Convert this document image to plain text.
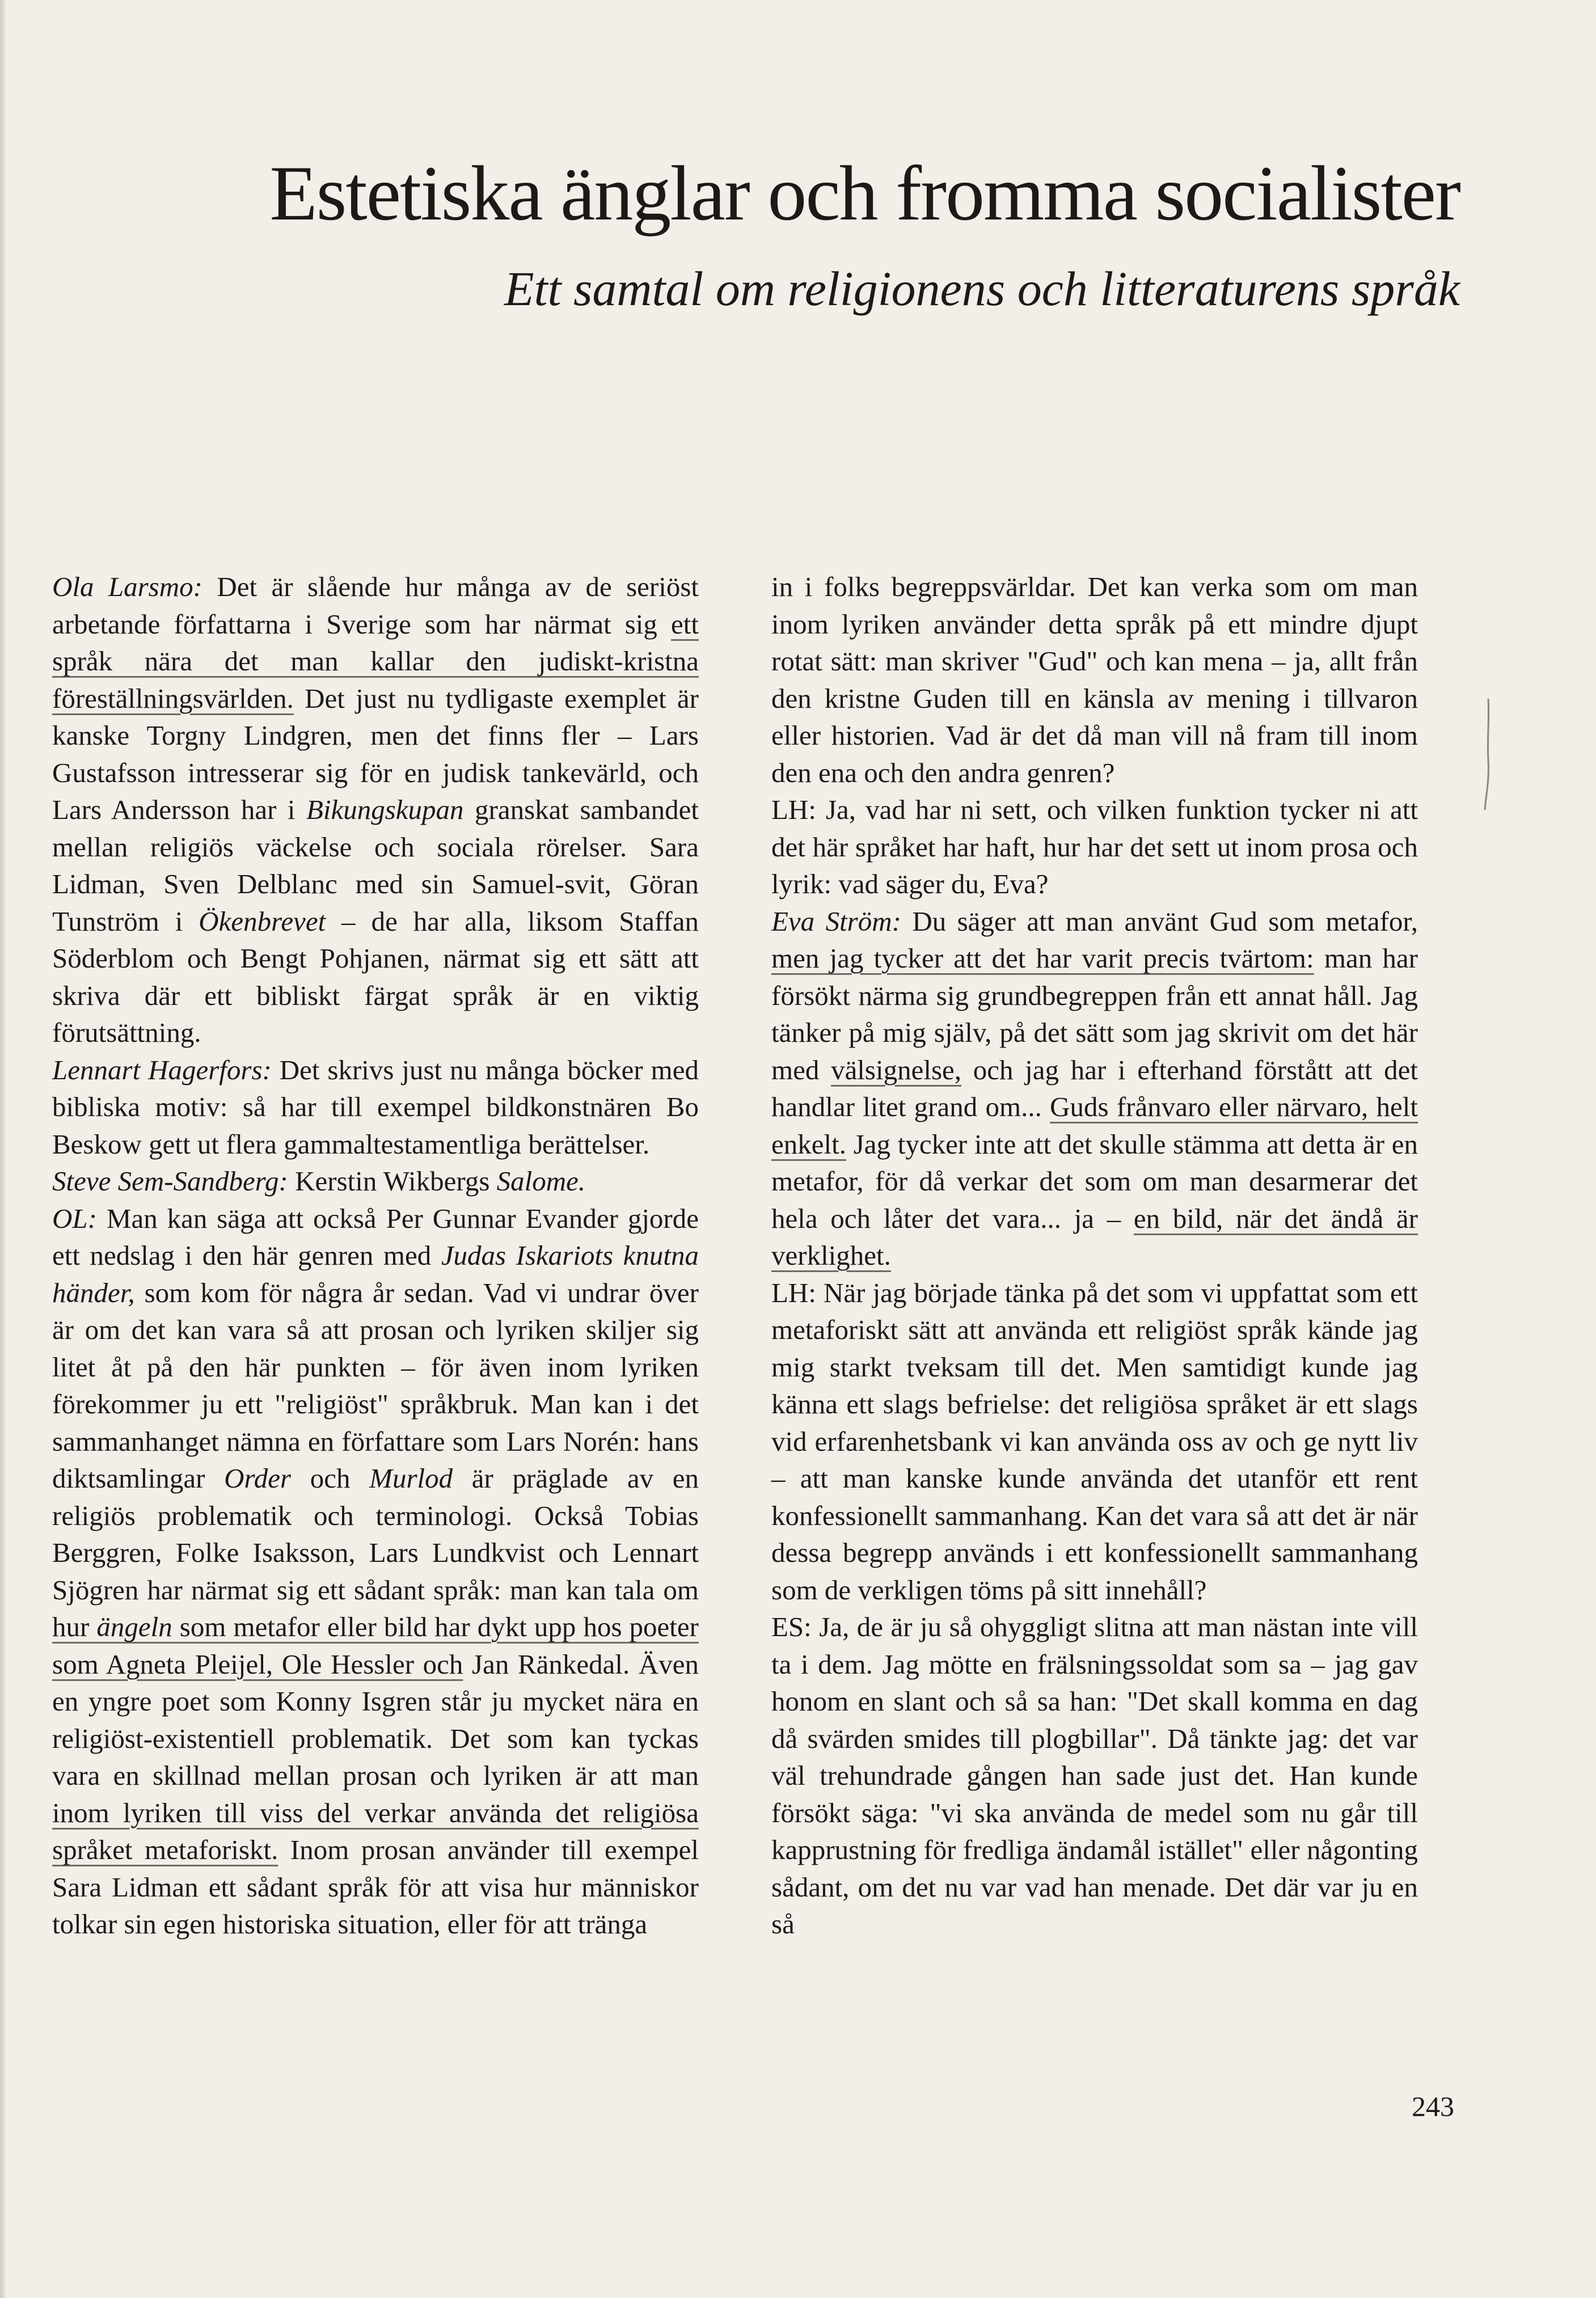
Estetiska änglar och fromma socialister
Ett samtal om religionens och litteraturens språk

Ola Larsmo: Det är slående hur många av de seriöst arbetande författarna i Sverige som har närmat sig ett språk nära det man kallar den judiskt-kristna föreställningsvärlden. Det just nu tydligaste exemplet är kanske Torgny Lindgren, men det finns fler – Lars Gustafsson intresserar sig för en judisk tankevärld, och Lars Andersson har i Bikungskupan granskat sambandet mellan religiös väckelse och sociala rörelser. Sara Lidman, Sven Delblanc med sin Samuel-svit, Göran Tunström i Ökenbrevet – de har alla, liksom Staffan Söderblom och Bengt Pohjanen, närmat sig ett sätt att skriva där ett bibliskt färgat språk är en viktig förutsättning.

Lennart Hagerfors: Det skrivs just nu många böcker med bibliska motiv: så har till exempel bildkonstnären Bo Beskow gett ut flera gammaltestamentliga berättelser.

Steve Sem-Sandberg: Kerstin Wikbergs Salome.

OL: Man kan säga att också Per Gunnar Evander gjorde ett nedslag i den här genren med Judas Iskariots knutna händer, som kom för några år sedan. Vad vi undrar över är om det kan vara så att prosan och lyriken skiljer sig litet åt på den här punkten – för även inom lyriken förekommer ju ett "religiöst" språkbruk. Man kan i det sammanhanget nämna en författare som Lars Norén: hans diktsamlingar Order och Murlod är präglade av en religiös problematik och terminologi. Också Tobias Berggren, Folke Isaksson, Lars Lundkvist och Lennart Sjögren har närmat sig ett sådant språk: man kan tala om hur ängeln som metafor eller bild har dykt upp hos poeter som Agneta Pleijel, Ole Hessler och Jan Ränkedal. Även en yngre poet som Konny Isgren står ju mycket nära en religiöst-existentiell problematik. Det som kan tyckas vara en skillnad mellan prosan och lyriken är att man inom lyriken till viss del verkar använda det religiösa språket metaforiskt. Inom prosan använder till exempel Sara Lidman ett sådant språk för att visa hur människor tolkar sin egen historiska situation, eller för att tränga

in i folks begreppsvärldar. Det kan verka som om man inom lyriken använder detta språk på ett mindre djupt rotat sätt: man skriver "Gud" och kan mena – ja, allt från den kristne Guden till en känsla av mening i tillvaron eller historien. Vad är det då man vill nå fram till inom den ena och den andra genren?

LH: Ja, vad har ni sett, och vilken funktion tycker ni att det här språket har haft, hur har det sett ut inom prosa och lyrik: vad säger du, Eva?

Eva Ström: Du säger att man använt Gud som metafor, men jag tycker att det har varit precis tvärtom: man har försökt närma sig grundbegreppen från ett annat håll. Jag tänker på mig själv, på det sätt som jag skrivit om det här med välsignelse, och jag har i efterhand förstått att det handlar litet grand om... Guds frånvaro eller närvaro, helt enkelt. Jag tycker inte att det skulle stämma att detta är en metafor, för då verkar det som om man desarmerar det hela och låter det vara... ja – en bild, när det ändå är verklighet.

LH: När jag började tänka på det som vi uppfattat som ett metaforiskt sätt att använda ett religiöst språk kände jag mig starkt tveksam till det. Men samtidigt kunde jag känna ett slags befrielse: det religiösa språket är ett slags vid erfarenhetsbank vi kan använda oss av och ge nytt liv – att man kanske kunde använda det utanför ett rent konfessionellt sammanhang. Kan det vara så att det är när dessa begrepp används i ett konfessionellt sammanhang som de verkligen töms på sitt innehåll?

ES: Ja, de är ju så ohyggligt slitna att man nästan inte vill ta i dem. Jag mötte en frälsningssoldat som sa – jag gav honom en slant och så sa han: "Det skall komma en dag då svärden smides till plogbillar". Då tänkte jag: det var väl trehundrade gången han sade just det. Han kunde försökt säga: "vi ska använda de medel som nu går till kapprustning för fredliga ändamål istället" eller någonting sådant, om det nu var vad han menade. Det där var ju en så

243
